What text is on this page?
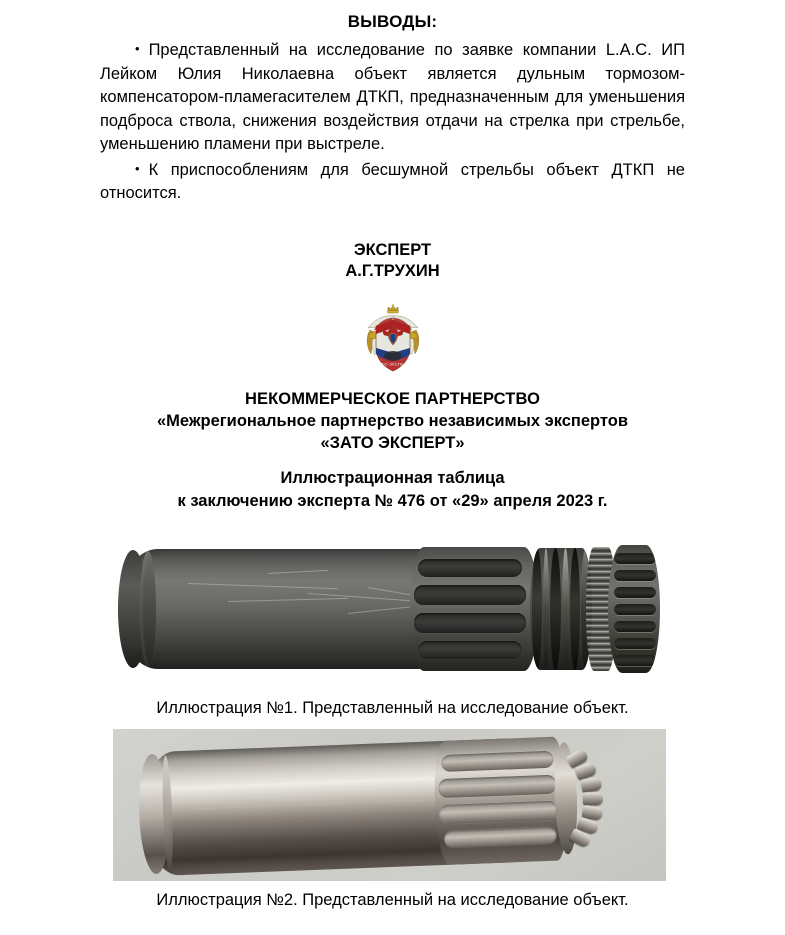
ВЫВОДЫ:

• Представленный на исследование по заявке компании L.A.C. ИП Лейком Юлия Николаевна объект является дульным тормозом-компенсатором-пламегасителем ДТКП, предназначенным для уменьшения подброса ствола, снижения воздействия отдачи на стрелка при стрельбе, уменьшению пламени при выстреле.

• К приспособлениям для бесшумной стрельбы объект ДТКП не относится.

ЭКСПЕРТ
А.Г.ТРУХИН
ЗАТО ЭКСПЕРТ
НЕКОММЕРЧЕСКОЕ ПАРТНЕРСТВО
«Межрегиональное партнерство независимых экспертов
«ЗАТО ЭКСПЕРТ»
Иллюстрационная таблица
к заключению эксперта № 476 от «29» апреля 2023 г.
Иллюстрация №1. Представленный на исследование объект.
Иллюстрация №2. Представленный на исследование объект.
